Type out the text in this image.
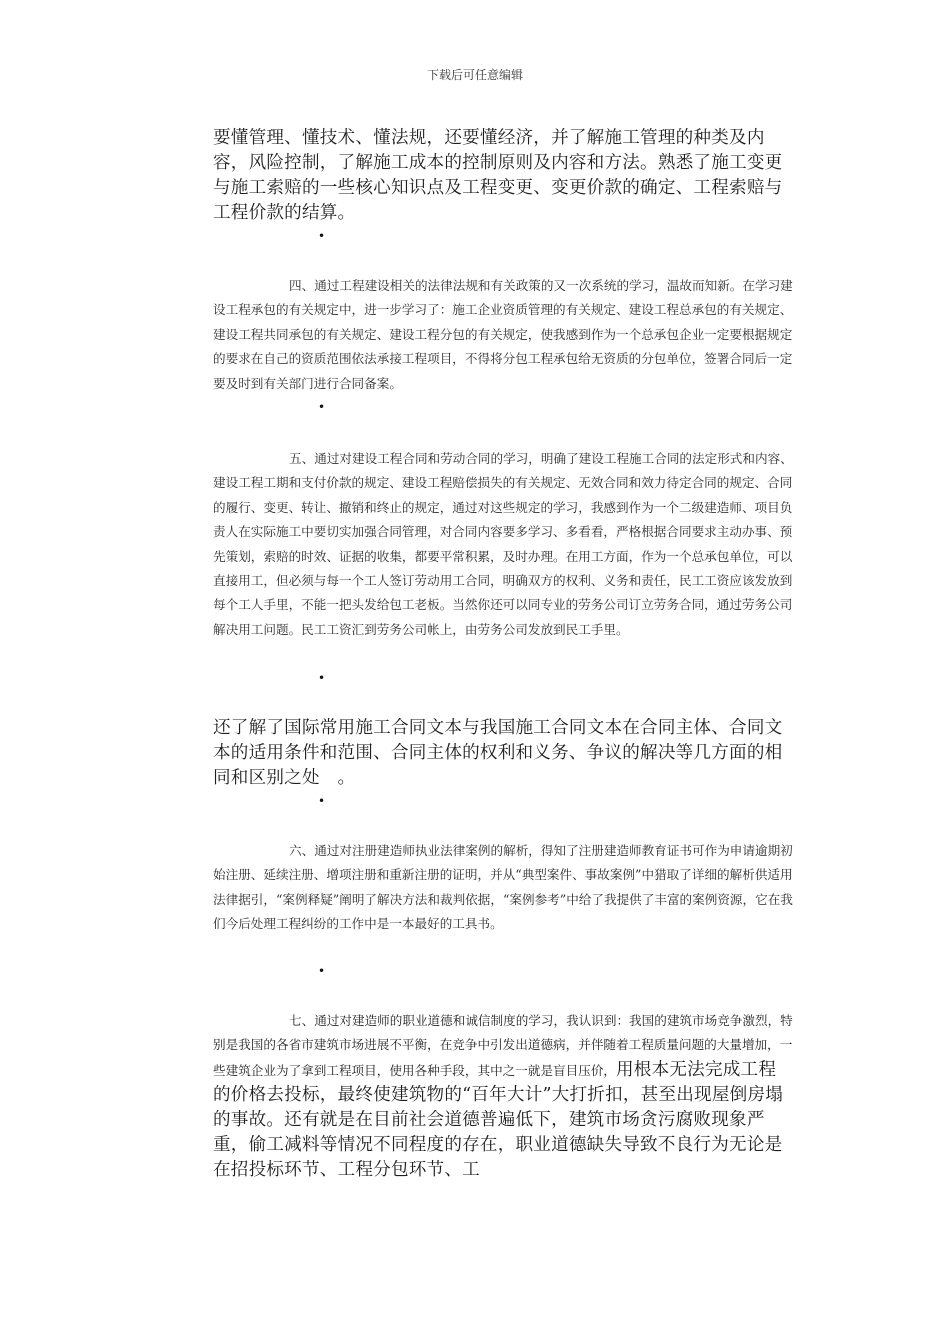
下载后可任意编辑
要懂管理、懂技术、懂法规，还要懂经济，并了解施工管理的种类及内容，风险控制，了解施工成本的控制原则及内容和方法。熟悉了施工变更与施工索赔的一些核心知识点及工程变更、变更价款的确定、工程索赔与工程价款的结算。
•
四、通过工程建设相关的法律法规和有关政策的又一次系统的学习，温故而知新。在学习建设工程承包的有关规定中，进一步学习了：施工企业资质管理的有关规定、建设工程总承包的有关规定、建设工程共同承包的有关规定、建设工程分包的有关规定，使我感到作为一个总承包企业一定要根据规定的要求在自己的资质范围依法承接工程项目，不得将分包工程承包给无资质的分包单位，签署合同后一定要及时到有关部门进行合同备案。
•
五、通过对建设工程合同和劳动合同的学习，明确了建设工程施工合同的法定形式和内容、建设工程工期和支付价款的规定、建设工程赔偿损失的有关规定、无效合同和效力待定合同的规定、合同的履行、变更、转让、撤销和终止的规定，通过对这些规定的学习，我感到作为一个二级建造师、项目负责人在实际施工中要切实加强合同管理，对合同内容要多学习、多看看，严格根据合同要求主动办事、预先策划，索赔的时效、证据的收集，都要平常积累，及时办理。在用工方面，作为一个总承包单位，可以直接用工，但必须与每一个工人签订劳动用工合同，明确双方的权利、义务和责任，民工工资应该发放到每个工人手里，不能一把头发给包工老板。当然你还可以同专业的劳务公司订立劳务合同，通过劳务公司解决用工问题。民工工资汇到劳务公司帐上，由劳务公司发放到民工手里。
•
还了解了国际常用施工合同文本与我国施工合同文本在合同主体、合同文本的适用条件和范围、合同主体的权利和义务、争议的解决等几方面的相同和区别之处　。
•
六、通过对注册建造师执业法律案例的解析，得知了注册建造师教育证书可作为申请逾期初始注册、延续注册、增项注册和重新注册的证明，并从“典型案件、事故案例”中猎取了详细的解析供适用法律据引，“案例释疑”阐明了解决方法和裁判依据，“案例参考”中给了我提供了丰富的案例资源，它在我们今后处理工程纠纷的工作中是一本最好的工具书。
•
七、通过对建造师的职业道德和诚信制度的学习，我认识到：我国的建筑市场竞争激烈，特别是我国的各省市建筑市场进展不平衡，在竞争中引发出道德病，并伴随着工程质量问题的大量增加，一些建筑企业为了拿到工程项目，使用各种手段，其中之一就是盲目压价，用根本无法完成工程的价格去投标，最终使建筑物的“百年大计”大打折扣，甚至出现屋倒房塌的事故。还有就是在目前社会道德普遍低下，建筑市场贪污腐败现象严重，偷工减料等情况不同程度的存在，职业道德缺失导致不良行为无论是在招投标环节、工程分包环节、工
